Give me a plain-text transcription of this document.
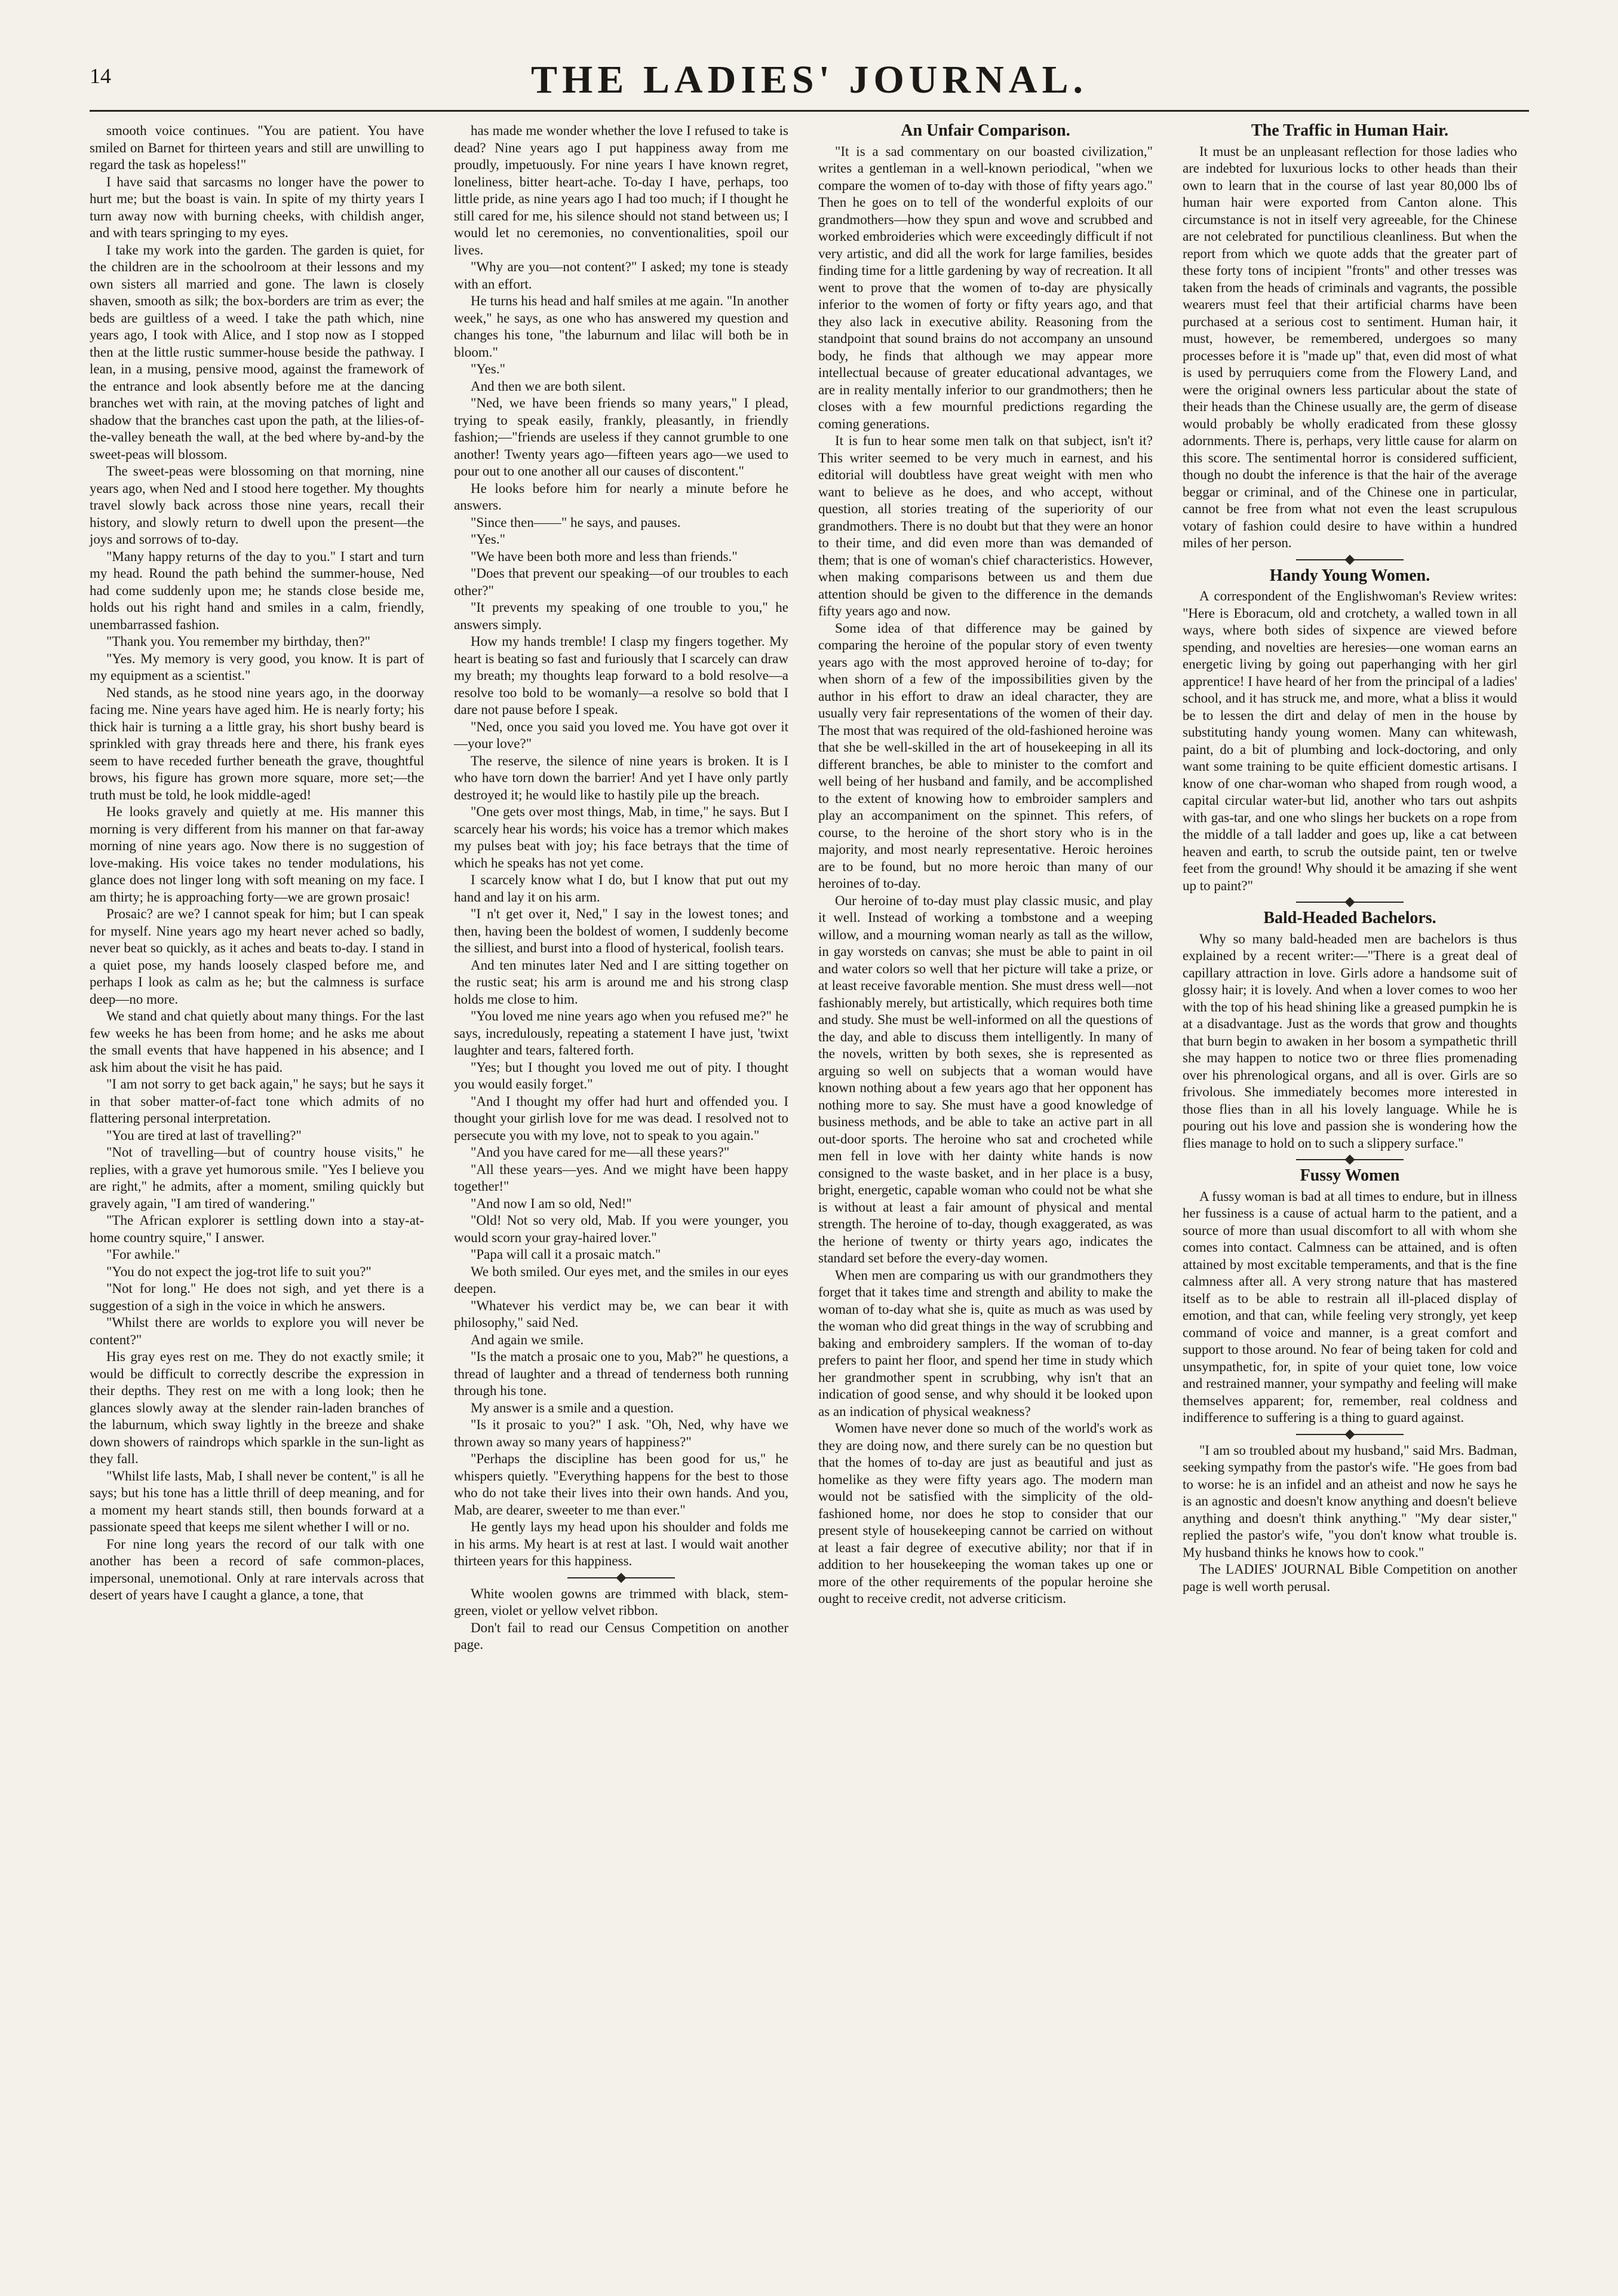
14	THE LADIES' JOURNAL.

smooth voice continues. "You are patient. You have smiled on Barnet for thirteen years and still are unwilling to regard the task as hopeless!"

I have said that sarcasms no longer have the power to hurt me; but the boast is vain. In spite of my thirty years I turn away now with burning cheeks, with childish anger, and with tears springing to my eyes.

I take my work into the garden. The garden is quiet, for the children are in the schoolroom at their lessons and my own sisters all married and gone. The lawn is closely shaven, smooth as silk; the box-borders are trim as ever; the beds are guiltless of a weed. I take the path which, nine years ago, I took with Alice, and I stop now as I stopped then at the little rustic summer-house beside the pathway. I lean, in a musing, pensive mood, against the framework of the entrance and look absently before me at the dancing branches wet with rain, at the moving patches of light and shadow that the branches cast upon the path, at the lilies-of-the-valley beneath the wall, at the bed where by-and-by the sweet-peas will blossom.

The sweet-peas were blossoming on that morning, nine years ago, when Ned and I stood here together. My thoughts travel slowly back across those nine years, recall their history, and slowly return to dwell upon the present—the joys and sorrows of to-day.

"Many happy returns of the day to you." I start and turn my head. Round the path behind the summer-house, Ned had come suddenly upon me; he stands close beside me, holds out his right hand and smiles in a calm, friendly, unembarrassed fashion.

"Thank you. You remember my birthday, then?"

"Yes. My memory is very good, you know. It is part of my equipment as a scientist."

Ned stands, as he stood nine years ago, in the doorway facing me. Nine years have aged him. He is nearly forty; his thick hair is turning a a little gray, his short bushy beard is sprinkled with gray threads here and there, his frank eyes seem to have receded further beneath the grave, thoughtful brows, his figure has grown more square, more set;—the truth must be told, he look middle-aged!

He looks gravely and quietly at me. His manner this morning is very different from his manner on that far-away morning of nine years ago. Now there is no suggestion of love-making. His voice takes no tender modulations, his glance does not linger long with soft meaning on my face. I am thirty; he is approaching forty—we are grown prosaic!

Prosaic? are we? I cannot speak for him; but I can speak for myself. Nine years ago my heart never ached so badly, never beat so quickly, as it aches and beats to-day. I stand in a quiet pose, my hands loosely clasped before me, and perhaps I look as calm as he; but the calmness is surface deep—no more.

We stand and chat quietly about many things. For the last few weeks he has been from home; and he asks me about the small events that have happened in his absence; and I ask him about the visit he has paid.

"I am not sorry to get back again," he says; but he says it in that sober matter-of-fact tone which admits of no flattering personal interpretation.

"You are tired at last of travelling?"

"Not of travelling—but of country house visits," he replies, with a grave yet humorous smile. "Yes I believe you are right," he admits, after a moment, smiling quickly but gravely again, "I am tired of wandering."

"The African explorer is settling down into a stay-at-home country squire," I answer.

"For awhile."

"You do not expect the jog-trot life to suit you?"

"Not for long." He does not sigh, and yet there is a suggestion of a sigh in the voice in which he answers.

"Whilst there are worlds to explore you will never be content?"

His gray eyes rest on me. They do not exactly smile; it would be difficult to correctly describe the expression in their depths. They rest on me with a long look; then he glances slowly away at the slender rain-laden branches of the laburnum, which sway lightly in the breeze and shake down showers of raindrops which sparkle in the sun-light as they fall.

"Whilst life lasts, Mab, I shall never be content," is all he says; but his tone has a little thrill of deep meaning, and for a moment my heart stands still, then bounds forward at a passionate speed that keeps me silent whether I will or no.

For nine long years the record of our talk with one another has been a record of safe common-places, impersonal, unemotional. Only at rare intervals across that desert of years have I caught a glance, a tone, that

has made me wonder whether the love I refused to take is dead? Nine years ago I put happiness away from me proudly, impetuously. For nine years I have known regret, loneliness, bitter heart-ache. To-day I have, perhaps, too little pride, as nine years ago I had too much; if I thought he still cared for me, his silence should not stand between us; I would let no ceremonies, no conventionalities, spoil our lives.

"Why are you—not content?" I asked; my tone is steady with an effort.

He turns his head and half smiles at me again. "In another week," he says, as one who has answered my question and changes his tone, "the laburnum and lilac will both be in bloom."

"Yes."

And then we are both silent.

"Ned, we have been friends so many years," I plead, trying to speak easily, frankly, pleasantly, in friendly fashion;—"friends are useless if they cannot grumble to one another! Twenty years ago—fifteen years ago—we used to pour out to one another all our causes of discontent."

He looks before him for nearly a minute before he answers.

"Since then——" he says, and pauses.

"Yes."

"We have been both more and less than friends."

"Does that prevent our speaking—of our troubles to each other?"

"It prevents my speaking of one trouble to you," he answers simply.

How my hands tremble! I clasp my fingers together. My heart is beating so fast and furiously that I scarcely can draw my breath; my thoughts leap forward to a bold resolve—a resolve too bold to be womanly—a resolve so bold that I dare not pause before I speak.

"Ned, once you said you loved me. You have got over it—your love?"

The reserve, the silence of nine years is broken. It is I who have torn down the barrier! And yet I have only partly destroyed it; he would like to hastily pile up the breach.

"One gets over most things, Mab, in time," he says. But I scarcely hear his words; his voice has a tremor which makes my pulses beat with joy; his face betrays that the time of which he speaks has not yet come.

I scarcely know what I do, but I know that put out my hand and lay it on his arm.

"I n't get over it, Ned," I say in the lowest tones; and then, having been the boldest of women, I suddenly become the silliest, and burst into a flood of hysterical, foolish tears.

And ten minutes later Ned and I are sitting together on the rustic seat; his arm is around me and his strong clasp holds me close to him.

"You loved me nine years ago when you refused me?" he says, incredulously, repeating a statement I have just, 'twixt laughter and tears, faltered forth.

"Yes; but I thought you loved me out of pity. I thought you would easily forget."

"And I thought my offer had hurt and offended you. I thought your girlish love for me was dead. I resolved not to persecute you with my love, not to speak to you again."

"And you have cared for me—all these years?"

"All these years—yes. And we might have been happy together!"

"And now I am so old, Ned!"

"Old! Not so very old, Mab. If you were younger, you would scorn your gray-haired lover."

"Papa will call it a prosaic match."

We both smiled. Our eyes met, and the smiles in our eyes deepen.

"Whatever his verdict may be, we can bear it with philosophy," said Ned.

And again we smile.

"Is the match a prosaic one to you, Mab?" he questions, a thread of laughter and a thread of tenderness both running through his tone.

My answer is a smile and a question.

"Is it prosaic to you?" I ask. "Oh, Ned, why have we thrown away so many years of happiness?"

"Perhaps the discipline has been good for us," he whispers quietly. "Everything happens for the best to those who do not take their lives into their own hands. And you, Mab, are dearer, sweeter to me than ever."

He gently lays my head upon his shoulder and folds me in his arms. My heart is at rest at last. I would wait another thirteen years for this happiness.

White woolen gowns are trimmed with black, stem-green, violet or yellow velvet ribbon.

Don't fail to read our Census Competition on another page.

An Unfair Comparison.

"It is a sad commentary on our boasted civilization," writes a gentleman in a well-known periodical, "when we compare the women of to-day with those of fifty years ago." Then he goes on to tell of the wonderful exploits of our grandmothers—how they spun and wove and scrubbed and worked embroideries which were exceedingly difficult if not very artistic, and did all the work for large families, besides finding time for a little gardening by way of recreation. It all went to prove that the women of to-day are physically inferior to the women of forty or fifty years ago, and that they also lack in executive ability. Reasoning from the standpoint that sound brains do not accompany an unsound body, he finds that although we may appear more intellectual because of greater educational advantages, we are in reality mentally inferior to our grandmothers; then he closes with a few mournful predictions regarding the coming generations.

It is fun to hear some men talk on that subject, isn't it? This writer seemed to be very much in earnest, and his editorial will doubtless have great weight with men who want to believe as he does, and who accept, without question, all stories treating of the superiority of our grandmothers. There is no doubt but that they were an honor to their time, and did even more than was demanded of them; that is one of woman's chief characteristics. However, when making comparisons between us and them due attention should be given to the difference in the demands fifty years ago and now.

Some idea of that difference may be gained by comparing the heroine of the popular story of even twenty years ago with the most approved heroine of to-day; for when shorn of a few of the impossibilities given by the author in his effort to draw an ideal character, they are usually very fair representations of the women of their day. The most that was required of the old-fashioned heroine was that she be well-skilled in the art of housekeeping in all its different branches, be able to minister to the comfort and well being of her husband and family, and be accomplished to the extent of knowing how to embroider samplers and play an accompaniment on the spinnet. This refers, of course, to the heroine of the short story who is in the majority, and most nearly representative. Heroic heroines are to be found, but no more heroic than many of our heroines of to-day.

Our heroine of to-day must play classic music, and play it well. Instead of working a tombstone and a weeping willow, and a mourning woman nearly as tall as the willow, in gay worsteds on canvas; she must be able to paint in oil and water colors so well that her picture will take a prize, or at least receive favorable mention. She must dress well—not fashionably merely, but artistically, which requires both time and study. She must be well-informed on all the questions of the day, and able to discuss them intelligently. In many of the novels, written by both sexes, she is represented as arguing so well on subjects that a woman would have known nothing about a few years ago that her opponent has nothing more to say. She must have a good knowledge of business methods, and be able to take an active part in all out-door sports. The heroine who sat and crocheted while men fell in love with her dainty white hands is now consigned to the waste basket, and in her place is a busy, bright, energetic, capable woman who could not be what she is without at least a fair amount of physical and mental strength. The heroine of to-day, though exaggerated, as was the herione of twenty or thirty years ago, indicates the standard set before the every-day women.

When men are comparing us with our grandmothers they forget that it takes time and strength and ability to make the woman of to-day what she is, quite as much as was used by the woman who did great things in the way of scrubbing and baking and embroidery samplers. If the woman of to-day prefers to paint her floor, and spend her time in study which her grandmother spent in scrubbing, why isn't that an indication of good sense, and why should it be looked upon as an indication of physical weakness?

Women have never done so much of the world's work as they are doing now, and there surely can be no question but that the homes of to-day are just as beautiful and just as homelike as they were fifty years ago. The modern man would not be satisfied with the simplicity of the old-fashioned home, nor does he stop to consider that our present style of housekeeping cannot be carried on without at least a fair degree of executive ability; nor that if in addition to her housekeeping the woman takes up one or more of the other requirements of the popular heroine she ought to receive credit, not adverse criticism.

The Traffic in Human Hair.

It must be an unpleasant reflection for those ladies who are indebted for luxurious locks to other heads than their own to learn that in the course of last year 80,000 lbs of human hair were exported from Canton alone. This circumstance is not in itself very agreeable, for the Chinese are not celebrated for punctilious cleanliness. But when the report from which we quote adds that the greater part of these forty tons of incipient "fronts" and other tresses was taken from the heads of criminals and vagrants, the possible wearers must feel that their artificial charms have been purchased at a serious cost to sentiment. Human hair, it must, however, be remembered, undergoes so many processes before it is "made up" that, even did most of what is used by perruquiers come from the Flowery Land, and were the original owners less particular about the state of their heads than the Chinese usually are, the germ of disease would probably be wholly eradicated from these glossy adornments. There is, perhaps, very little cause for alarm on this score. The sentimental horror is considered sufficient, though no doubt the inference is that the hair of the average beggar or criminal, and of the Chinese one in particular, cannot be free from what not even the least scrupulous votary of fashion could desire to have within a hundred miles of her person.

Handy Young Women.

A correspondent of the Englishwoman's Review writes: "Here is Eboracum, old and crotchety, a walled town in all ways, where both sides of sixpence are viewed before spending, and novelties are heresies—one woman earns an energetic living by going out paperhanging with her girl apprentice! I have heard of her from the principal of a ladies' school, and it has struck me, and more, what a bliss it would be to lessen the dirt and delay of men in the house by substituting handy young women. Many can whitewash, paint, do a bit of plumbing and lock-doctoring, and only want some training to be quite efficient domestic artisans. I know of one char-woman who shaped from rough wood, a capital circular water-but lid, another who tars out ashpits with gas-tar, and one who slings her buckets on a rope from the middle of a tall ladder and goes up, like a cat between heaven and earth, to scrub the outside paint, ten or twelve feet from the ground! Why should it be amazing if she went up to paint?"

Bald-Headed Bachelors.

Why so many bald-headed men are bachelors is thus explained by a recent writer:—"There is a great deal of capillary attraction in love. Girls adore a handsome suit of glossy hair; it is lovely. And when a lover comes to woo her with the top of his head shining like a greased pumpkin he is at a disadvantage. Just as the words that grow and thoughts that burn begin to awaken in her bosom a sympathetic thrill she may happen to notice two or three flies promenading over his phrenological organs, and all is over. Girls are so frivolous. She immediately becomes more interested in those flies than in all his lovely language. While he is pouring out his love and passion she is wondering how the flies manage to hold on to such a slippery surface."

Fussy Women

A fussy woman is bad at all times to endure, but in illness her fussiness is a cause of actual harm to the patient, and a source of more than usual discomfort to all with whom she comes into contact. Calmness can be attained, and is often attained by most excitable temperaments, and that is the fine calmness after all. A very strong nature that has mastered itself as to be able to restrain all ill-placed display of emotion, and that can, while feeling very strongly, yet keep command of voice and manner, is a great comfort and support to those around. No fear of being taken for cold and unsympathetic, for, in spite of your quiet tone, low voice and restrained manner, your sympathy and feeling will make themselves apparent; for, remember, real coldness and indifference to suffering is a thing to guard against.

"I am so troubled about my husband," said Mrs. Badman, seeking sympathy from the pastor's wife. "He goes from bad to worse: he is an infidel and an atheist and now he says he is an agnostic and doesn't know anything and doesn't believe anything and doesn't think anything." "My dear sister," replied the pastor's wife, "you don't know what trouble is. My husband thinks he knows how to cook."

The LADIES' JOURNAL Bible Competition on another page is well worth perusal.
